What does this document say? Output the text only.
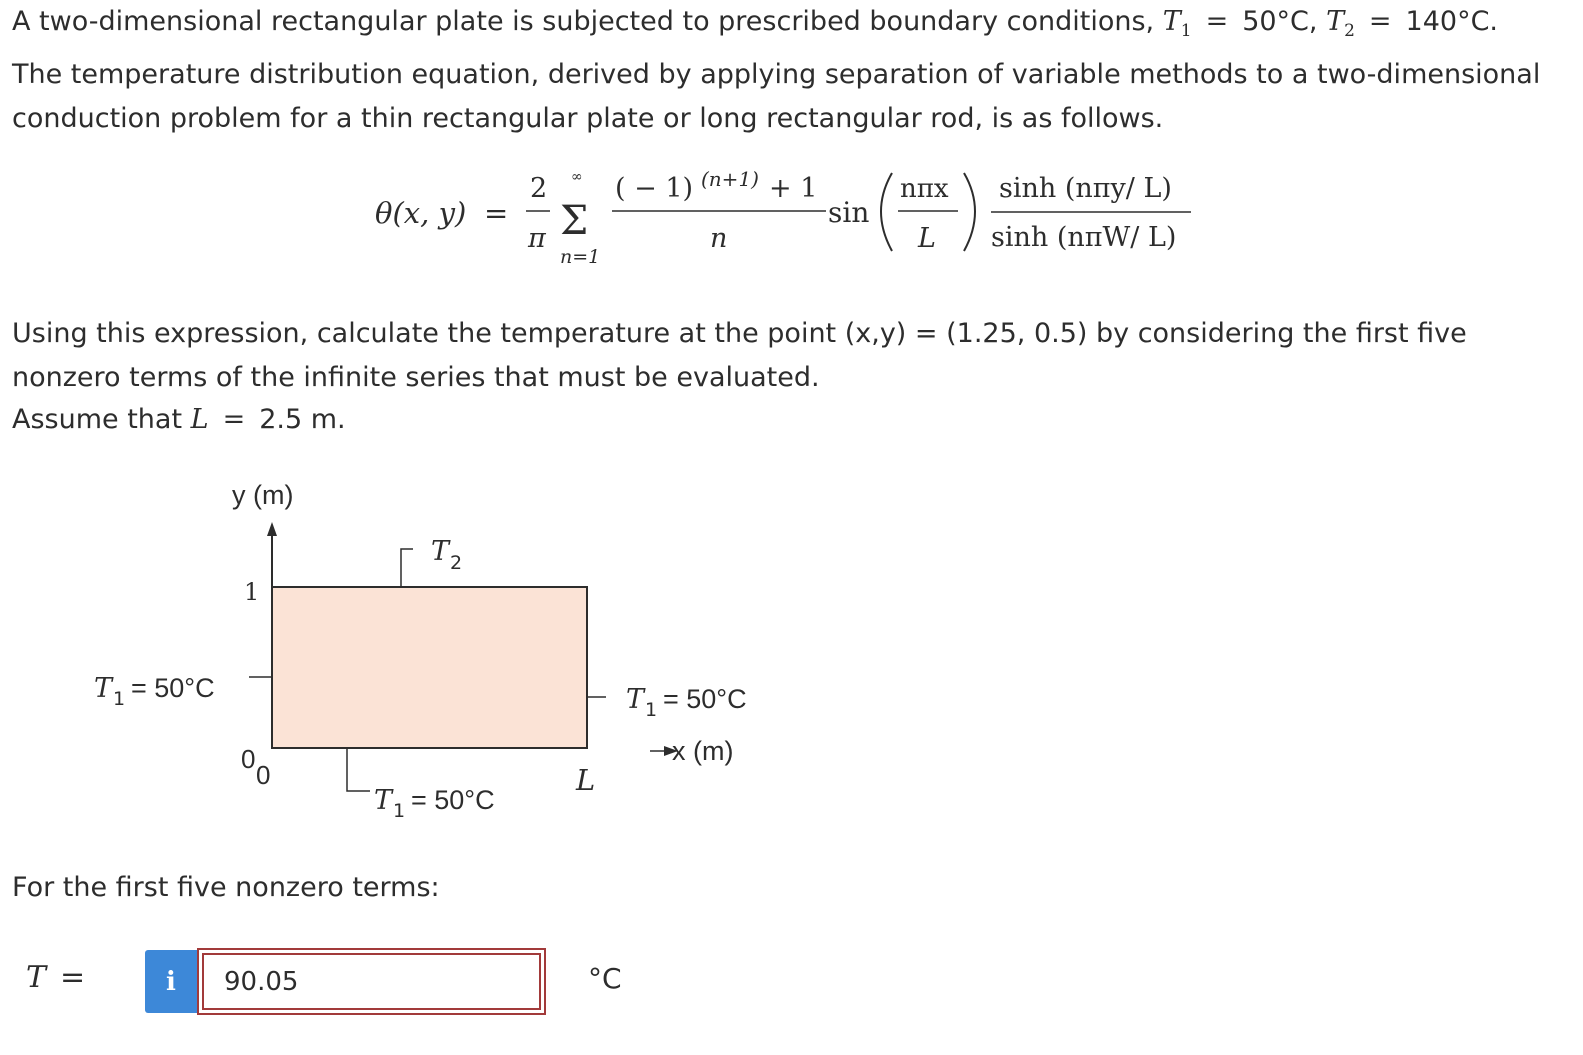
A two-dimensional rectangular plate is subjected to prescribed boundary conditions, $T_1 = 50^\circ C$, $T_2 = 140^\circ C$.
The temperature distribution equation, derived by applying separation of variable methods to a two-dimensional conduction problem for a thin rectangular plate or long rectangular rod, is as follows.

θ(x, y) =
2
π
∞
Σ
n=1
( − 1) (n+1) + 1
n
sin
nπx
L
sinh (nπy/ L)
sinh (nπW/ L)

Using this expression, calculate the temperature at the point (x,y) = (1.25, 0.5) by considering the first five nonzero terms of the infinite series that must be evaluated.

Assume that L = 2.5 m.

y (m)
1
T 2
T 1 = 50°C	T 1 = 50°C
x (m)
0
0	L
T 1 = 50°C

For the first five nonzero terms:

T =	i
90.05	°C
